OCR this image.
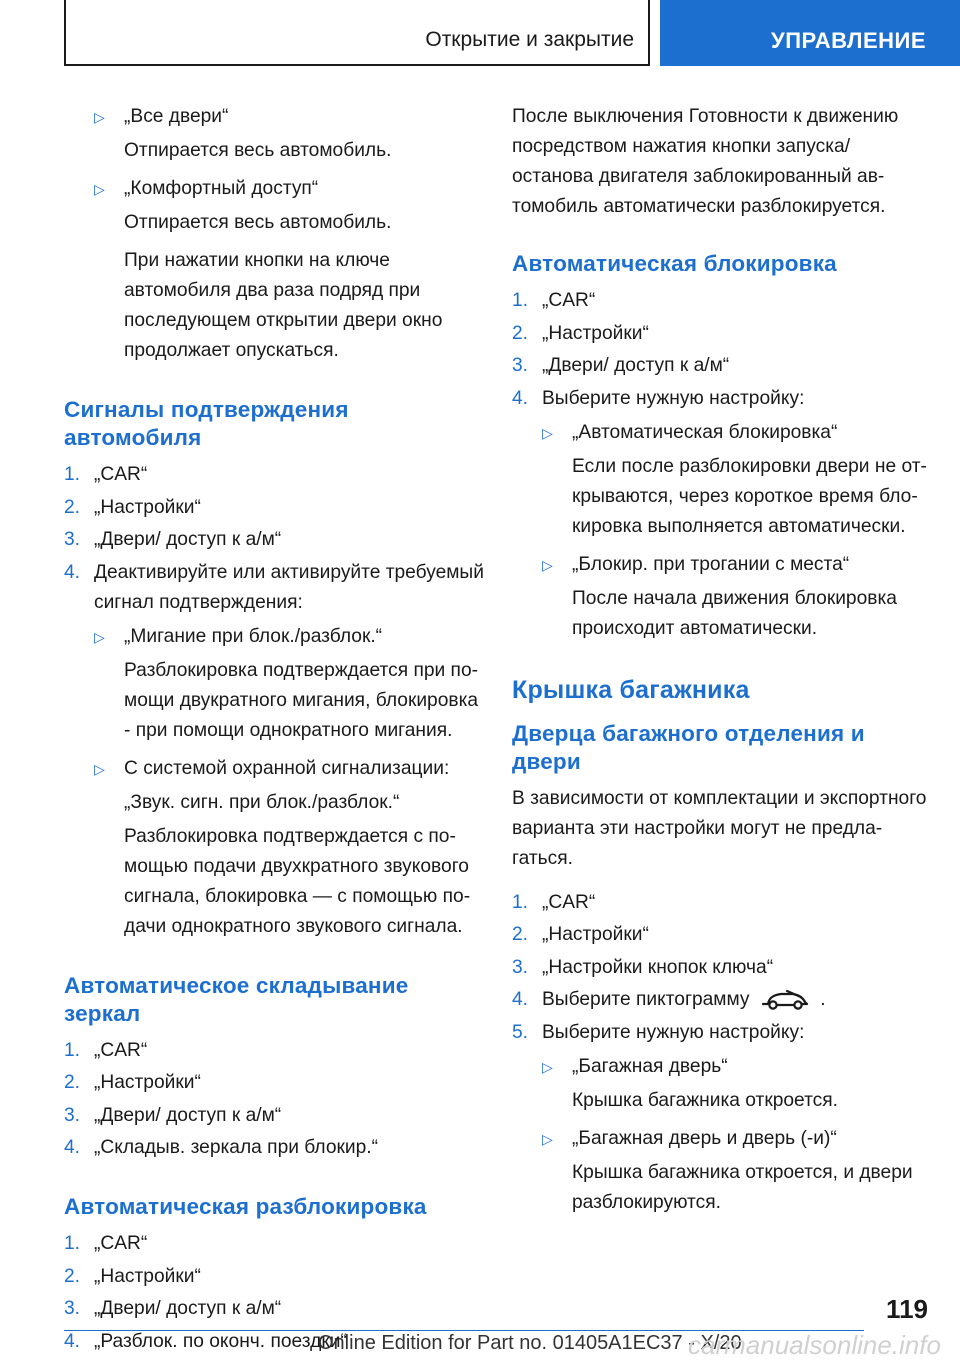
Открытие и закрытие	УПРАВЛЕНИЕ
▷ „Все двери“

Отпирается весь автомобиль.

▷ „Комфортный доступ“

Отпирается весь автомобиль.

При нажатии кнопки на ключе автомобиля два раза подряд при последующем открытии двери окно продолжает опускаться.

Сигналы подтверждения автомобиля
1. „CAR“
2. „Настройки“
3. „Двери/ доступ к а/м“
4. Деактивируйте или активируйте требуемый сигнал подтверждения:
▷ „Мигание при блок./разблок.“

Разблокировка подтверждается при помощи двукратного мигания, блокировка - при помощи однократного мигания.

▷ С системой охранной сигнализации:

„Звук. сигн. при блок./разблок.“

Разблокировка подтверждается с помощью подачи двухкратного звукового сигнала, блокировка — с помощью подачи однократного звукового сигнала.

Автоматическое складывание зеркал
1. „CAR“
2. „Настройки“
3. „Двери/ доступ к а/м“
4. „Складыв. зеркала при блокир.“
Автоматическая разблокировка
1. „CAR“
2. „Настройки“
3. „Двери/ доступ к а/м“
4. „Разблок. по оконч. поездки“

После выключения Готовности к движению посредством нажатия кнопки запуска/ останова двигателя заблокированный автомобиль автоматически разблокируется.

Автоматическая блокировка
1. „CAR“
2. „Настройки“
3. „Двери/ доступ к а/м“
4. Выберите нужную настройку:
▷ „Автоматическая блокировка“

Если после разблокировки двери не открываются, через короткое время блокировка выполняется автоматически.

▷ „Блокир. при трогании с места“

После начала движения блокировка происходит автоматически.

Крышка багажника
Дверца багажного отделения и двери

В зависимости от комплектации и экспортного варианта эти настройки могут не предлагаться.

1. „CAR“
2. „Настройки“
3. „Настройки кнопок ключа“
4. Выберите пиктограмму	.
5. Выберите нужную настройку:
▷ „Багажная дверь“

Крышка багажника откроется.

▷ „Багажная дверь и дверь (-и)“

Крышка багажника откроется, и двери разблокируются.

119
Online Edition for Part no. 01405A1EC37 - X/20
carmanualsonline.info
